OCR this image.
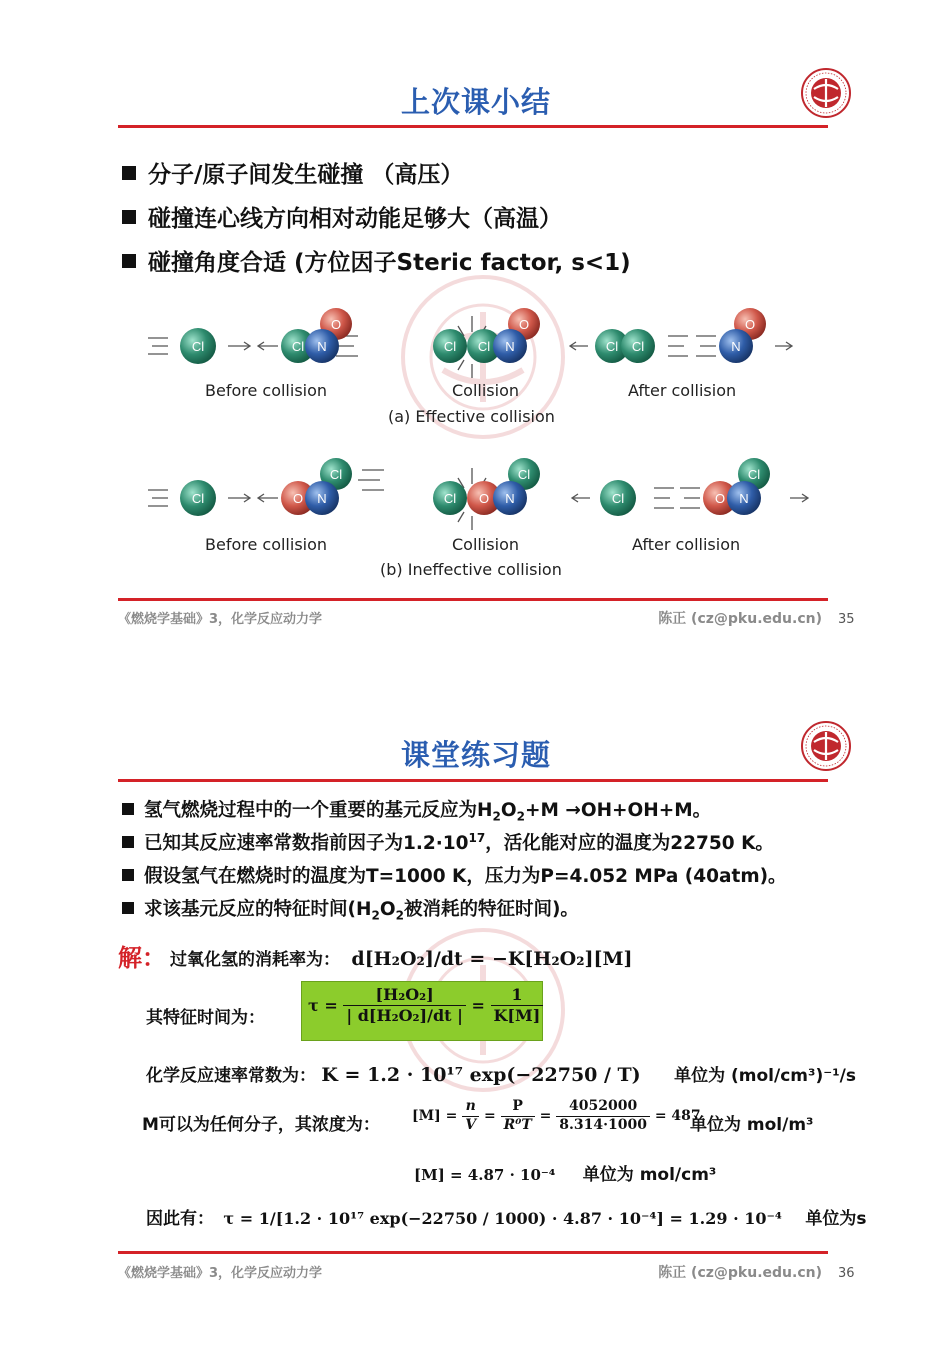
上次课小结
分子/原子间发生碰撞 （高压）
碰撞连心线方向相对动能足够大（高温）
碰撞角度合适 (方位因子Steric factor, s<1)
Cl
O
Cl N
O
Cl Cl N	Cl Cl
O
N
Cl
Cl
O N
Cl
Cl O N	Cl
Cl
O N
Before collision	Collision	After collision
(a) Effective collision
Before collision	Collision	After collision
(b) Ineffective collision
《燃烧学基础》3，化学反应动力学	陈正 (cz@pku.edu.cn) 35
课堂练习题
氢气燃烧过程中的一个重要的基元反应为$H_2O_2+M \to OH+OH+M$。
已知其反应速率常数指前因子为$1.2\cdot 10^{17}$，活化能对应的温度为22750 K。
假设氢气在燃烧时的温度为T=1000 K，压力为P=4.052 MPa (40atm)。
求该基元反应的特征时间($H_2O_2$被消耗的特征时间)。
解： 过氧化氢的消耗率为： d[H₂O₂]/dt = −K[H₂O₂][M]
其特征时间为：
$\tau = \frac{\text{[H₂O₂]}}{\text{| d[H₂O₂]/dt |}} = \frac{1}{K[M]}$
化学反应速率常数为： K = 1.2 · 10¹⁷ exp(−22750 / T) 单位为 (mol/cm³)⁻¹/s
M可以为任何分子，其浓度为： $[M] = \frac{n}{V} = \frac{P}{\text{R⁰T}} = \frac{4052000}{8.314\cdot 1000} = 487$
单位为 mol/m³
[M] = 4.87 · 10⁻⁴ 单位为 mol/cm³
因此有： τ = 1/[1.2 · 10¹⁷ exp(−22750 / 1000) · 4.87 · 10⁻⁴] = 1.29 · 10⁻⁴ 单位为s
《燃烧学基础》3，化学反应动力学	陈正 (cz@pku.edu.cn) 36
